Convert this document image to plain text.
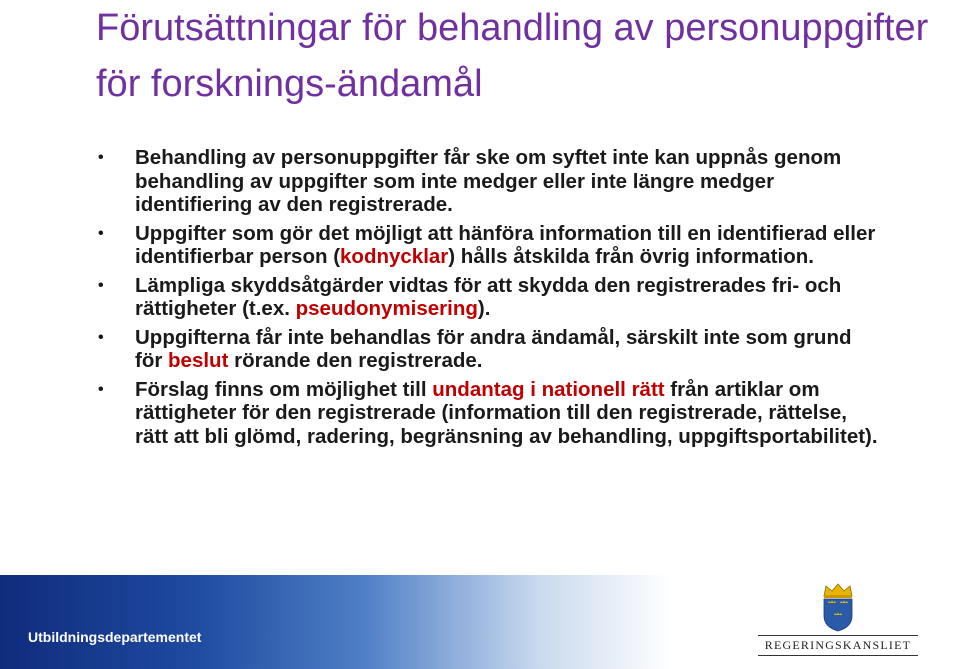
Förutsättningar för behandling av personuppgifter för forsknings-ändamål
• Behandling av personuppgifter får ske om syftet inte kan uppnås genom behandling av uppgifter som inte medger eller inte längre medger identifiering av den registrerade.
• Uppgifter som gör det möjligt att hänföra information till en identifierad eller identifierbar person (kodnycklar) hålls åtskilda från övrig information.
• Lämpliga skyddsåtgärder vidtas för att skydda den registrerades fri- och rättigheter (t.ex. pseudonymisering).
• Uppgifterna får inte behandlas för andra ändamål, särskilt inte som grund för beslut rörande den registrerade.
• Förslag finns om möjlighet till undantag i nationell rätt från artiklar om rättigheter för den registrerade (information till den registrerade, rättelse, rätt att bli glömd, radering, begränsning av behandling, uppgiftsportabilitet).
Utbildningsdepartementet	REGERINGSKANSLIET
